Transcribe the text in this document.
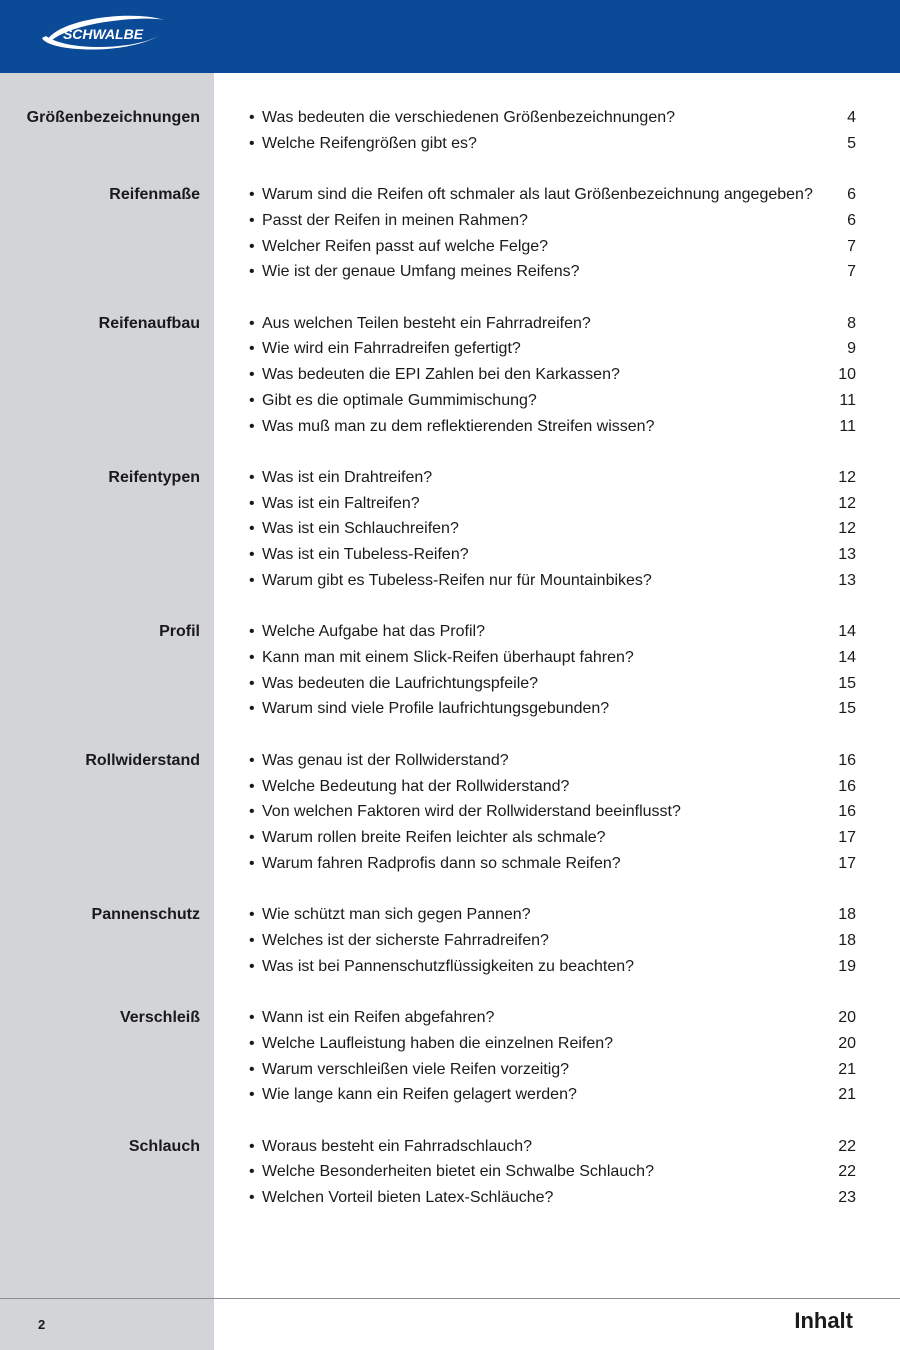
SCHWALBE
Größenbezeichnungen	• Was bedeuten die verschiedenen Größenbezeichnungen?	4
• Welche Reifengrößen gibt es?	5
Reifenmaße	• Warum sind die Reifen oft schmaler als laut Größenbezeichnung angegeben? 6
• Passt der Reifen in meinen Rahmen?	6
• Welcher Reifen passt auf welche Felge?	7
• Wie ist der genaue Umfang meines Reifens?	7
Reifenaufbau	• Aus welchen Teilen besteht ein Fahrradreifen?	8
• Wie wird ein Fahrradreifen gefertigt?	9
• Was bedeuten die EPI Zahlen bei den Karkassen?	10
• Gibt es die optimale Gummimischung?	11
• Was muß man zu dem reflektierenden Streifen wissen?	11
Reifentypen	• Was ist ein Drahtreifen?	12
• Was ist ein Faltreifen?	12
• Was ist ein Schlauchreifen?	12
• Was ist ein Tubeless-Reifen?	13
• Warum gibt es Tubeless-Reifen nur für Mountainbikes?	13
Profil	• Welche Aufgabe hat das Profil?	14
• Kann man mit einem Slick-Reifen überhaupt fahren?	14
• Was bedeuten die Laufrichtungspfeile?	15
• Warum sind viele Profile laufrichtungsgebunden?	15
Rollwiderstand	• Was genau ist der Rollwiderstand?	16
• Welche Bedeutung hat der Rollwiderstand?	16
• Von welchen Faktoren wird der Rollwiderstand beeinflusst?	16
• Warum rollen breite Reifen leichter als schmale?	17
• Warum fahren Radprofis dann so schmale Reifen?	17
Pannenschutz	• Wie schützt man sich gegen Pannen?	18
• Welches ist der sicherste Fahrradreifen?	18
• Was ist bei Pannenschutzflüssigkeiten zu beachten?	19
Verschleiß	• Wann ist ein Reifen abgefahren?	20
• Welche Laufleistung haben die einzelnen Reifen?	20
• Warum verschleißen viele Reifen vorzeitig?	21
• Wie lange kann ein Reifen gelagert werden?	21
Schlauch	• Woraus besteht ein Fahrradschlauch?	22
• Welche Besonderheiten bietet ein Schwalbe Schlauch?	22
• Welchen Vorteil bieten Latex-Schläuche?	23
2	Inhalt
